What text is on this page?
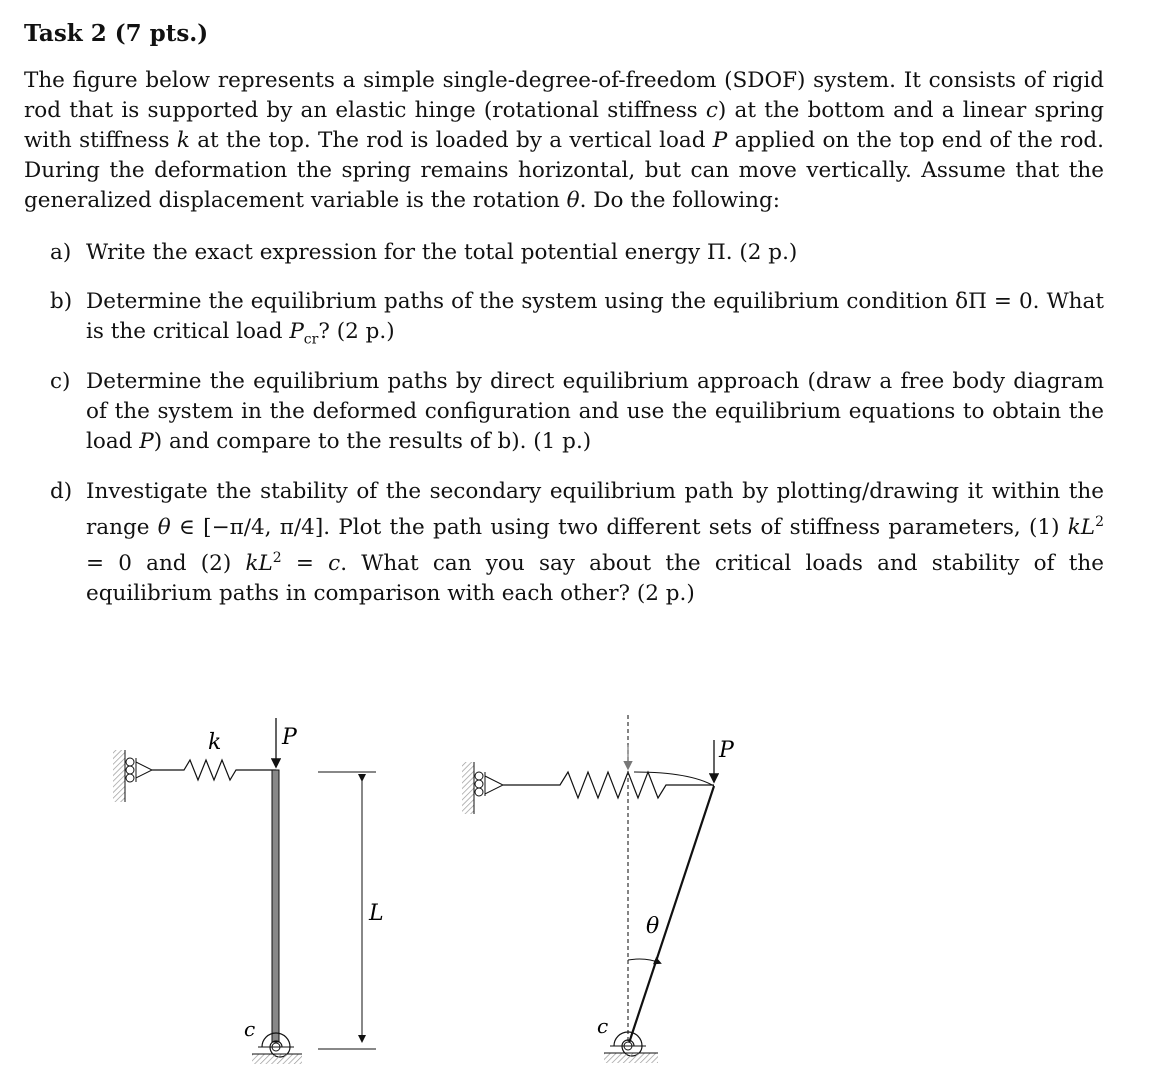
Task 2 (7 pts.)
The figure below represents a simple single-degree-of-freedom (SDOF) system. It consists of rigid rod that is supported by an elastic hinge (rotational stiffness c) at the bottom and a linear spring with stiffness k at the top. The rod is loaded by a vertical load P applied on the top end of the rod. During the deformation the spring remains horizontal, but can move vertically. Assume that the generalized displacement variable is the rotation θ. Do the following:
a) Write the exact expression for the total potential energy Π. (2 p.)
b) Determine the equilibrium paths of the system using the equilibrium condition δΠ = 0. What is the critical load $P_{cr}$? (2 p.)
c) Determine the equilibrium paths by direct equilibrium approach (draw a free body diagram of the system in the deformed configuration and use the equilibrium equations to obtain the load P) and compare to the results of b). (1 p.)
d) Investigate the stability of the secondary equilibrium path by plotting/drawing it within the range θ ∈ [−π/4, π/4]. Plot the path using two different sets of stiffness parameters, (1) $kL^2 = 0$ and (2) $kL^2 = c$. What can you say about the critical loads and stability of the equilibrium paths in comparison with each other? (2 p.)
k	P
c
L
P
θ
c
